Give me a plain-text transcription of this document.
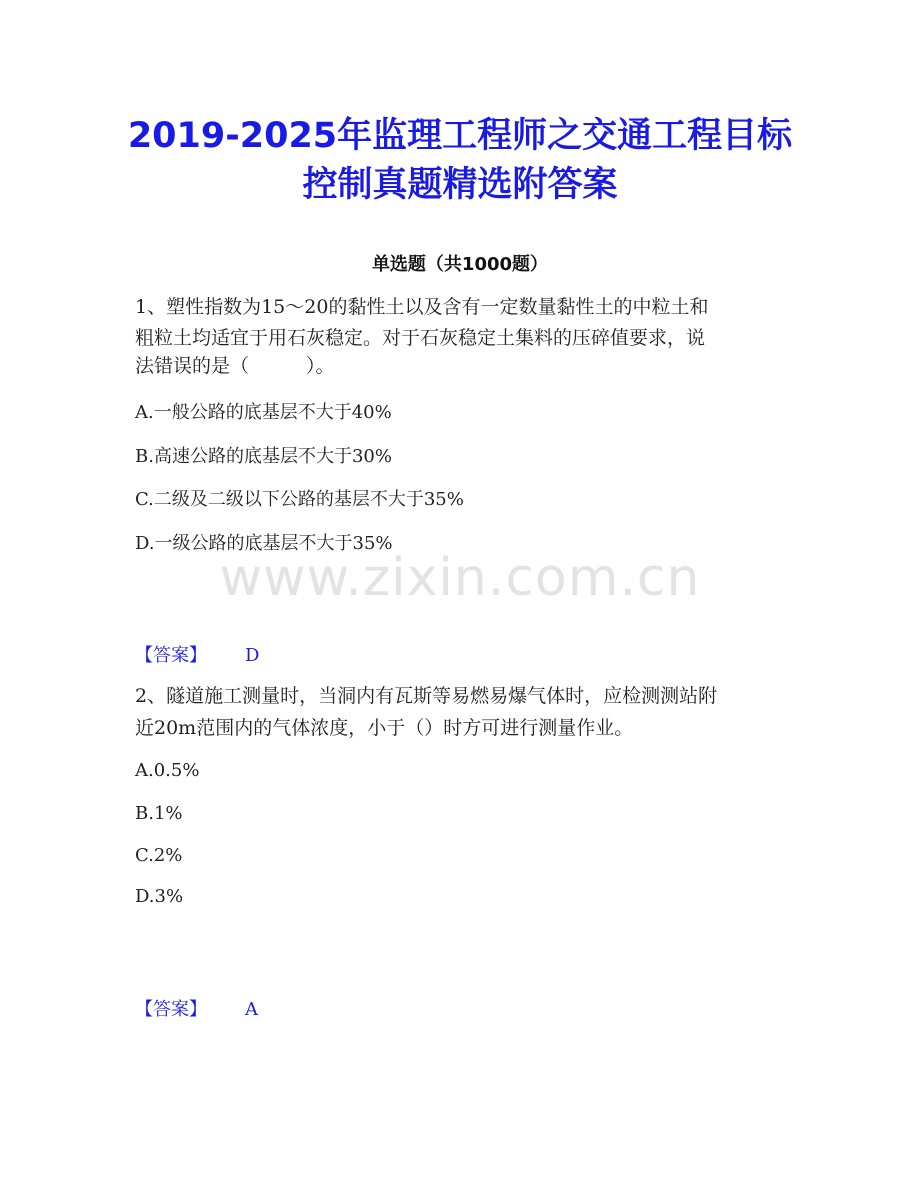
2019-2025年监理工程师之交通工程目标
控制真题精选附答案
单选题（共1000题）
1、塑性指数为15～20的黏性土以及含有一定数量黏性土的中粒土和
粗粒土均适宜于用石灰稳定。对于石灰稳定土集料的压碎值要求，说
法错误的是（　　　）。
A.一般公路的底基层不大于40%
B.高速公路的底基层不大于30%
C.二级及二级以下公路的基层不大于35%
D.一级公路的底基层不大于35%
【答案】 D
www.zixin.com.cn
2、隧道施工测量时，当洞内有瓦斯等易燃易爆气体时，应检测测站附
近20m范围内的气体浓度，小于（）时方可进行测量作业。
A.0.5%
B.1%
C.2%
D.3%
【答案】 A
